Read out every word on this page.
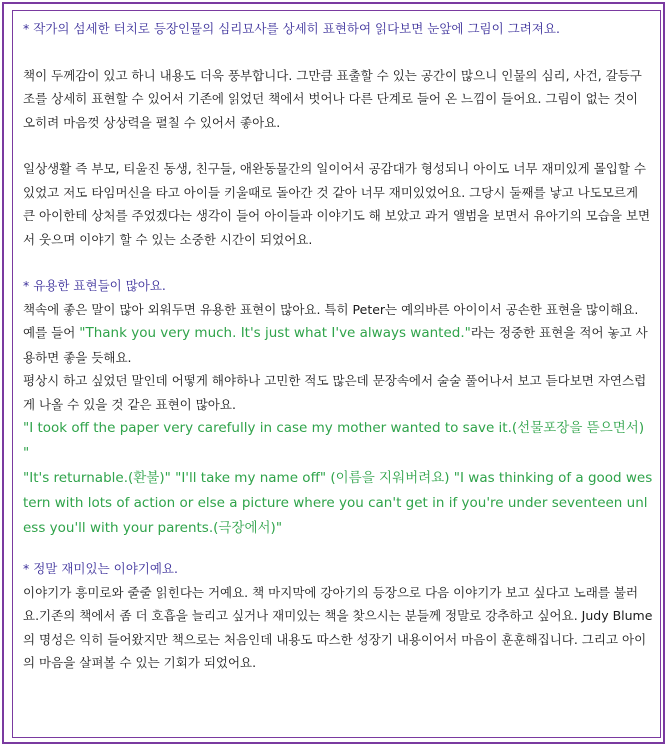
* 작가의 섬세한 터치로 등장인물의 심리묘사를 상세히 표현하여 읽다보면 눈앞에 그림이 그려져요.

책이 두께감이 있고 하니 내용도 더욱 풍부합니다. 그만큼 표출할 수 있는 공간이 많으니 인물의 심리, 사건, 갈등구조를 상세히 표현할 수 있어서 기존에 읽었던 책에서 벗어나 다른 단계로 들어 온 느낌이 들어요. 그림이 없는 것이 오히려 마음껏 상상력을 펼칠 수 있어서 좋아요.

일상생활 즉 부모, 티울진 동생, 친구들, 애완동물간의 일이어서 공감대가 형성되니 아이도 너무 재미있게 몰입할 수 있었고 저도 타임머신을 타고 아이들 키울때로 돌아간 것 같아 너무 재미있었어요. 그당시 둘째를 낳고 나도모르게 큰 아이한테 상처를 주었겠다는 생각이 들어 아이들과 이야기도 해 보았고 과거 앨범을 보면서 유아기의 모습을 보면서 웃으며 이야기 할 수 있는 소중한 시간이 되었어요.

* 유용한 표현들이 많아요.

책속에 좋은 말이 많아 외워두면 유용한 표현이 많아요. 특히 Peter는 예의바른 아이이서 공손한 표현을 많이해요.

예를 들어 "Thank you very much. It's just what I've always wanted."라는 정중한 표현을 적어 놓고 사용하면 좋을 듯해요.

평상시 하고 싶었던 말인데 어떻게 해야하나 고민한 적도 많은데 문장속에서 술술 풀어나서 보고 듣다보면 자연스럽게 나올 수 있을 것 같은 표현이 많아요.

"I took off the paper very carefully in case my mother wanted to save it.(선물포장을 뜯으면서) "

"It's returnable.(환불)" "I'll take my name off" (이름을 지워버려요) "I was thinking of a good western with lots of action or else a picture where you can't get in if you're under seventeen unless you'll with your parents.(극장에서)"

* 정말 재미있는 이야기예요.

이야기가 흥미로와 줄줄 읽힌다는 거예요. 책 마지막에 강아기의 등장으로 다음 이야기가 보고 싶다고 노래를 불러요.기존의 책에서 좀 더 호흡을 늘리고 싶거나 재미있는 책을 찾으시는 분들께 정말로 강추하고 싶어요. Judy Blume의 명성은 익히 들어왔지만 책으로는 처음인데 내용도 따스한 성장기 내용이어서 마음이 훈훈해집니다. 그리고 아이의 마음을 살펴볼 수 있는 기회가 되었어요.
